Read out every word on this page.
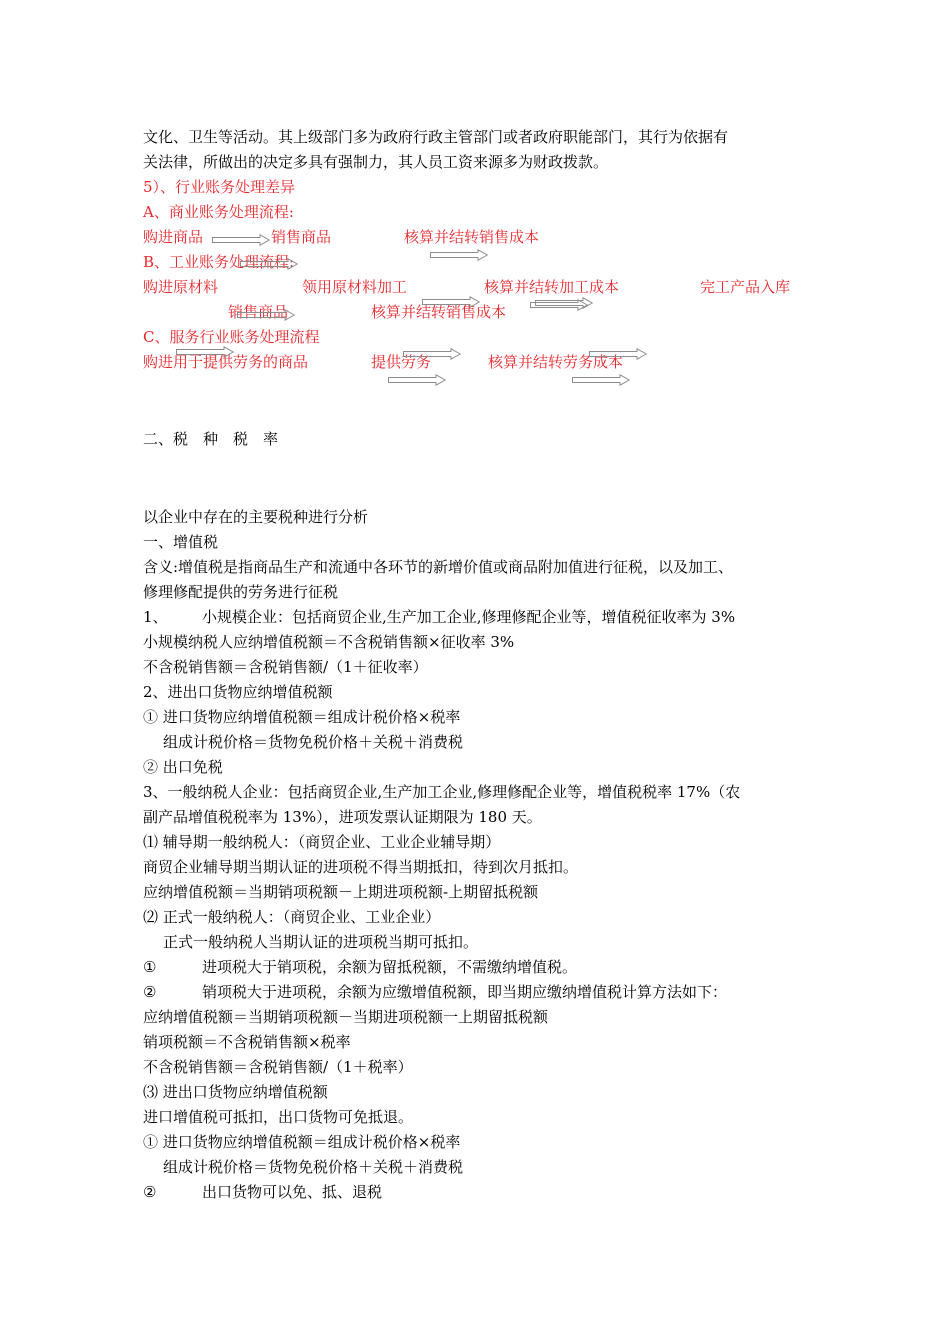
文化、卫生等活动。其上级部门多为政府行政主管部门或者政府职能部门，其行为依据有
关法律，所做出的决定多具有强制力，其人员工资来源多为财政拨款。
5）、行业账务处理差异
A、商业账务处理流程:
购进商品	销售商品	核算并结转销售成本
B、工业账务处理流程:
购进原材料	领用原材料加工	核算并结转加工成本	完工产品入库
销售商品	核算并结转销售成本
C、服务行业账务处理流程
购进用于提供劳务的商品	提供劳务	核算并结转劳务成本
二、税　种　税　率
以企业中存在的主要税种进行分析
一、增值税
含义:增值税是指商品生产和流通中各环节的新增价值或商品附加值进行征税，以及加工、
修理修配提供的劳务进行征税
1、 小规模企业：包括商贸企业,生产加工企业,修理修配企业等，增值税征收率为 3%
小规模纳税人应纳增值税额＝不含税销售额×征收率 3%
不含税销售额＝含税销售额/（1＋征收率）
2、进出口货物应纳增值税额
① 进口货物应纳增值税额＝组成计税价格×税率
组成计税价格＝货物免税价格＋关税＋消费税
② 出口免税
3、一般纳税人企业：包括商贸企业,生产加工企业,修理修配企业等，增值税税率 17%（农
副产品增值税税率为 13%），进项发票认证期限为 180 天。
⑴ 辅导期一般纳税人：（商贸企业、工业企业辅导期）
商贸企业辅导期当期认证的进项税不得当期抵扣，待到次月抵扣。
应纳增值税额＝当期销项税额－上期进项税额-上期留抵税额
⑵ 正式一般纳税人：（商贸企业、工业企业）
正式一般纳税人当期认证的进项税当期可抵扣。
①	进项税大于销项税，余额为留抵税额，不需缴纳增值税。
②	销项税大于进项税，余额为应缴增值税额，即当期应缴纳增值税计算方法如下：
应纳增值税额＝当期销项税额－当期进项税额一上期留抵税额
销项税额＝不含税销售额×税率
不含税销售额＝含税销售额/（1＋税率）
⑶ 进出口货物应纳增值税额
进口增值税可抵扣，出口货物可免抵退。
① 进口货物应纳增值税额＝组成计税价格×税率
组成计税价格＝货物免税价格＋关税＋消费税
②	出口货物可以免、抵、退税
